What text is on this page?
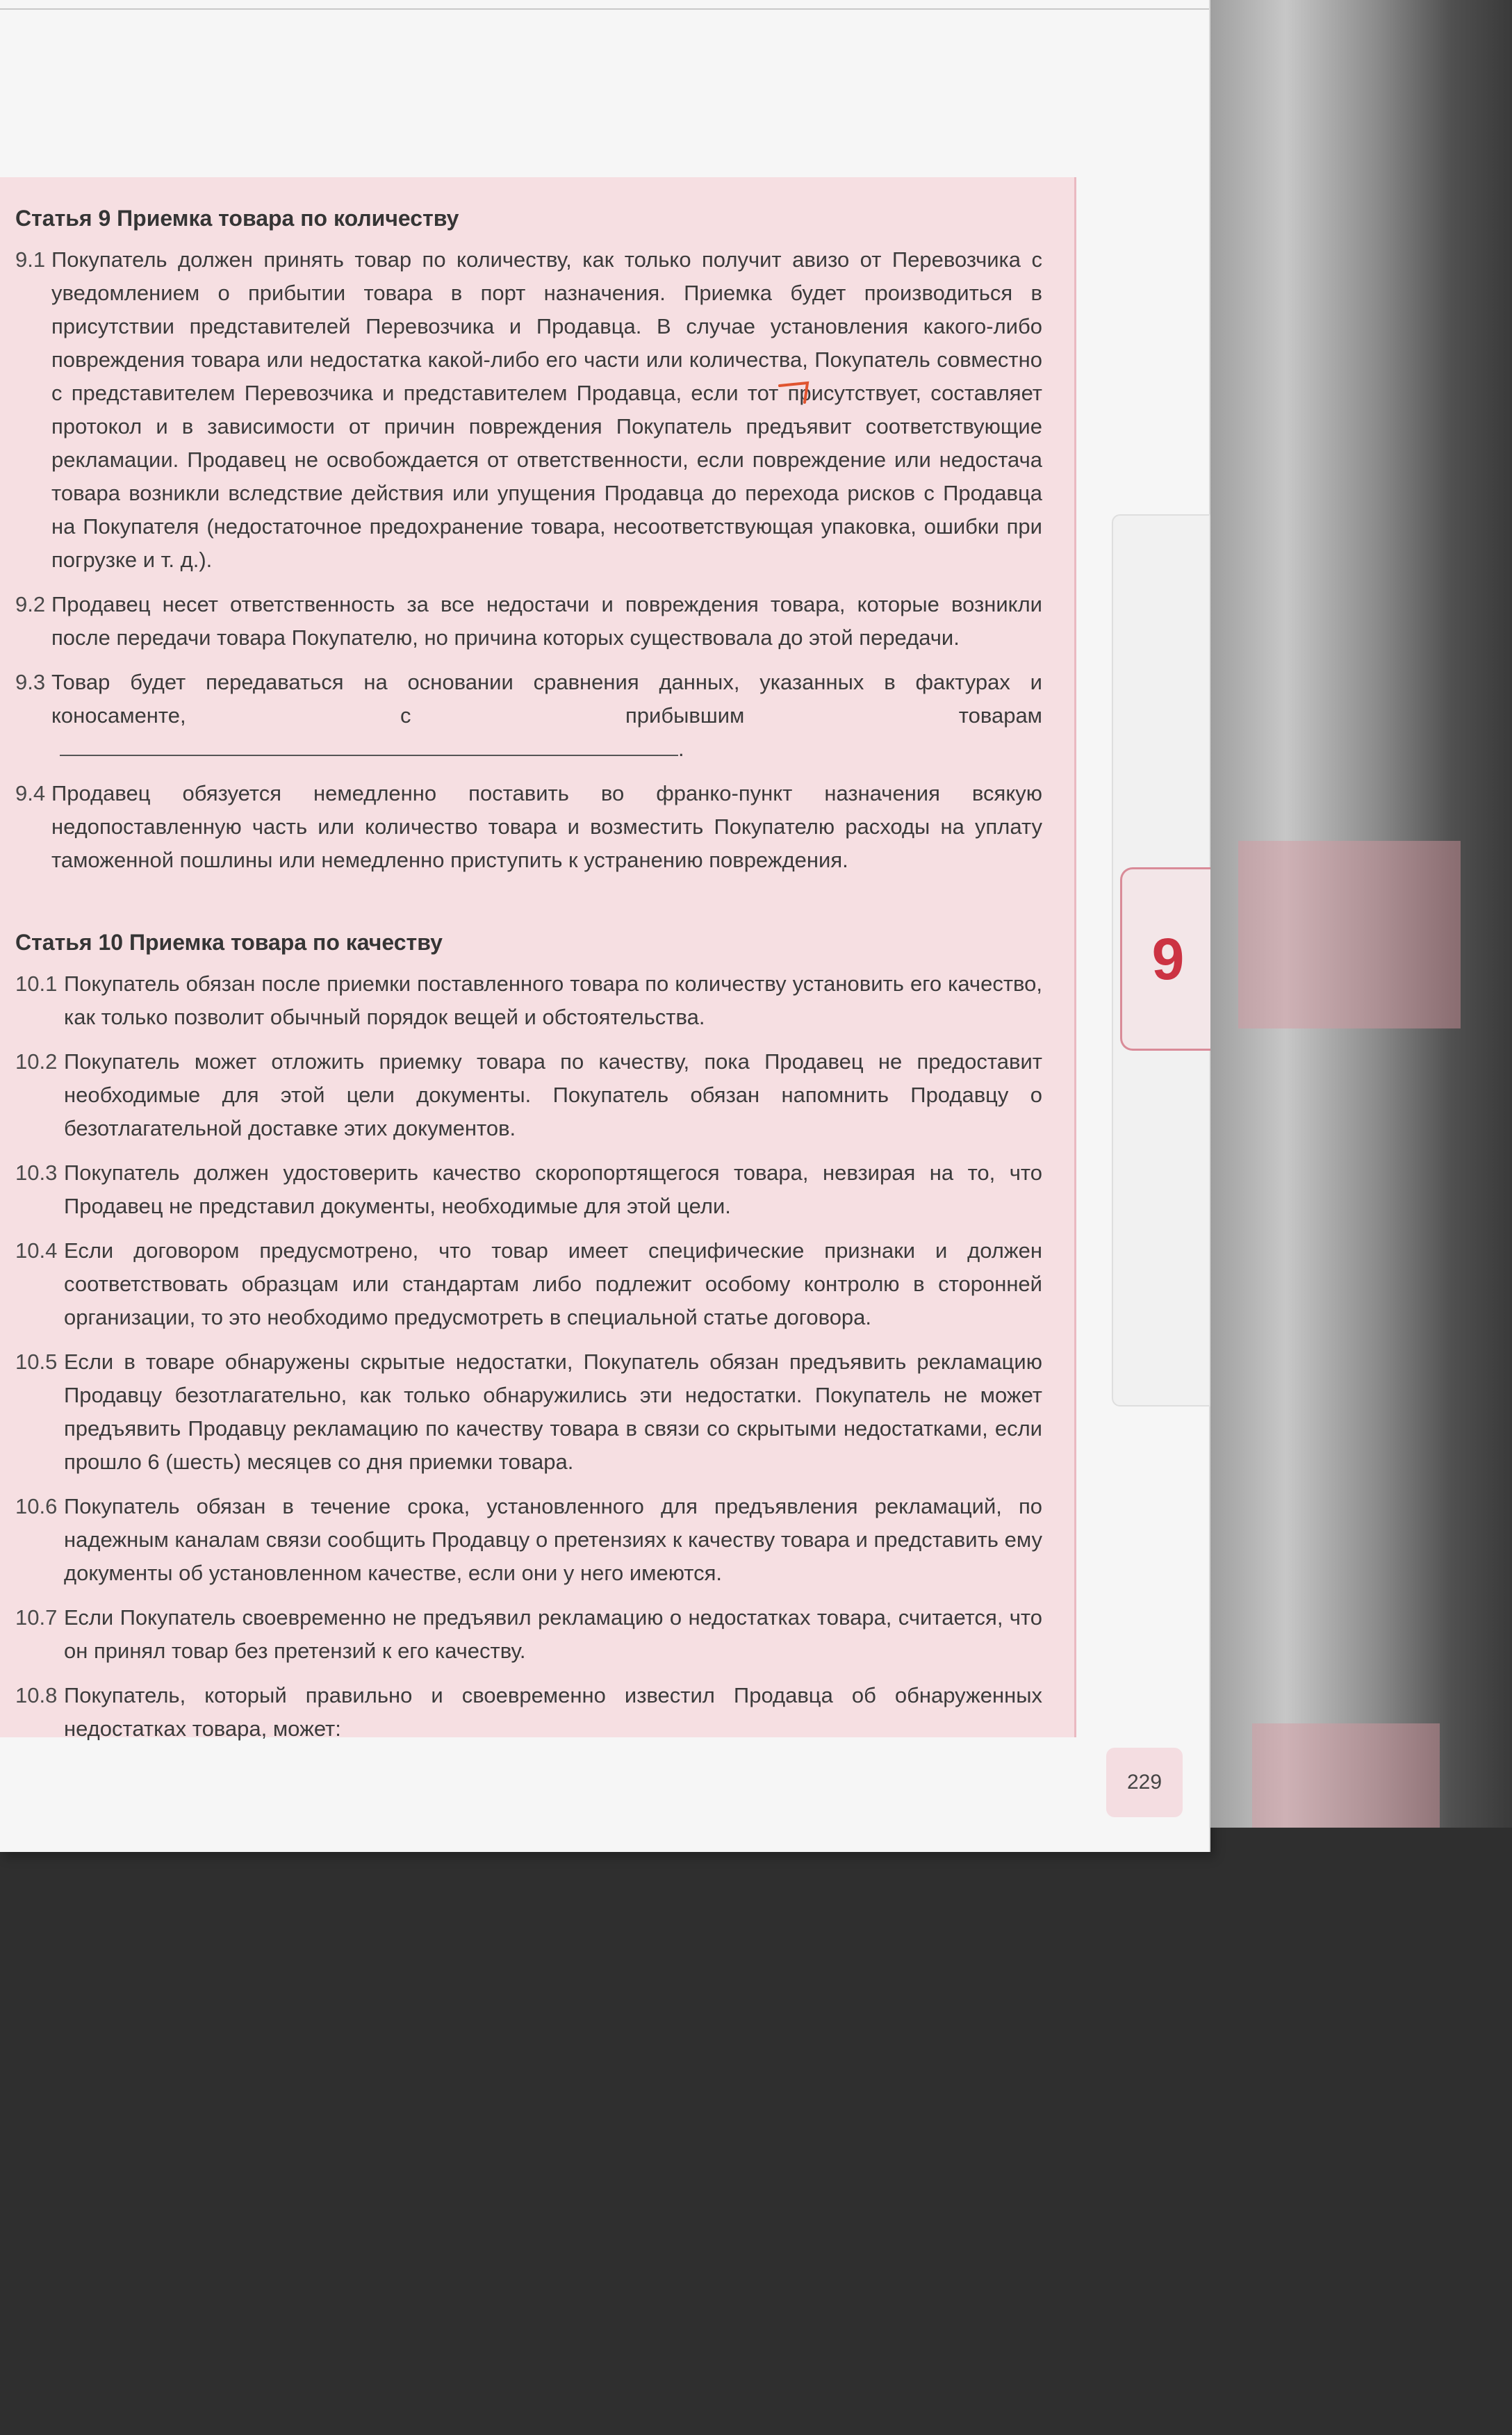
Статья 9 Приемка товара по количеству
9.1 Покупатель должен принять товар по количеству, как только получит авизо от Перевозчика с уведомлением о прибытии товара в порт назначения. Приемка будет производиться в присутствии представителей Перевозчика и Продавца. В случае установления какого-либо повреждения товара или недостатка какой-либо его части или количества, Покупатель совместно с представителем Перевозчика и представителем Продавца, если тот присутствует, составляет протокол и в зависимости от причин повреждения Покупатель предъявит соответствующие рекламации. Продавец не освобождается от ответственности, если повреждение или недостача товара возникли вследствие действия или упущения Продавца до перехода рисков с Продавца на Покупателя (недостаточное предохранение товара, несоответствующая упаковка, ошибки при погрузке и т. д.).
9.2 Продавец несет ответственность за все недостачи и повреждения товара, которые возникли после передачи товара Покупателю, но причина которых существовала до этой передачи.
9.3 Товар будет передаваться на основании сравнения данных, указанных в фактурах и коносаменте, с прибывшим товарам.
9.4 Продавец обязуется немедленно поставить во франко-пункт назначения всякую недопоставленную часть или количество товара и возместить Покупателю расходы на уплату таможенной пошлины или немедленно приступить к устранению повреждения.
Статья 10 Приемка товара по качеству
10.1 Покупатель обязан после приемки поставленного товара по количеству установить его качество, как только позволит обычный порядок вещей и обстоятельства.
10.2 Покупатель может отложить приемку товара по качеству, пока Продавец не предоставит необходимые для этой цели документы. Покупатель обязан напомнить Продавцу о безотлагательной доставке этих документов.
10.3 Покупатель должен удостоверить качество скоропортящегося товара, невзирая на то, что Продавец не представил документы, необходимые для этой цели.
10.4 Если договором предусмотрено, что товар имеет специфические признаки и должен соответствовать образцам или стандартам либо подлежит особому контролю в сторонней организации, то это необходимо предусмотреть в специальной статье договора.
10.5 Если в товаре обнаружены скрытые недостатки, Покупатель обязан предъявить рекламацию Продавцу безотлагательно, как только обнаружились эти недостатки. Покупатель не может предъявить Продавцу рекламацию по качеству товара в связи со скрытыми недостатками, если прошло 6 (шесть) месяцев со дня приемки товара.
10.6 Покупатель обязан в течение срока, установленного для предъявления рекламаций, по надежным каналам связи сообщить Продавцу о претензиях к качеству товара и представить ему документы об установленном качестве, если они у него имеются.
10.7 Если Покупатель своевременно не предъявил рекламацию о недостатках товара, считается, что он принял товар без претензий к его качеству.
10.8 Покупатель, который правильно и своевременно известил Продавца об обнаруженных недостатках товара, может:
9
229
